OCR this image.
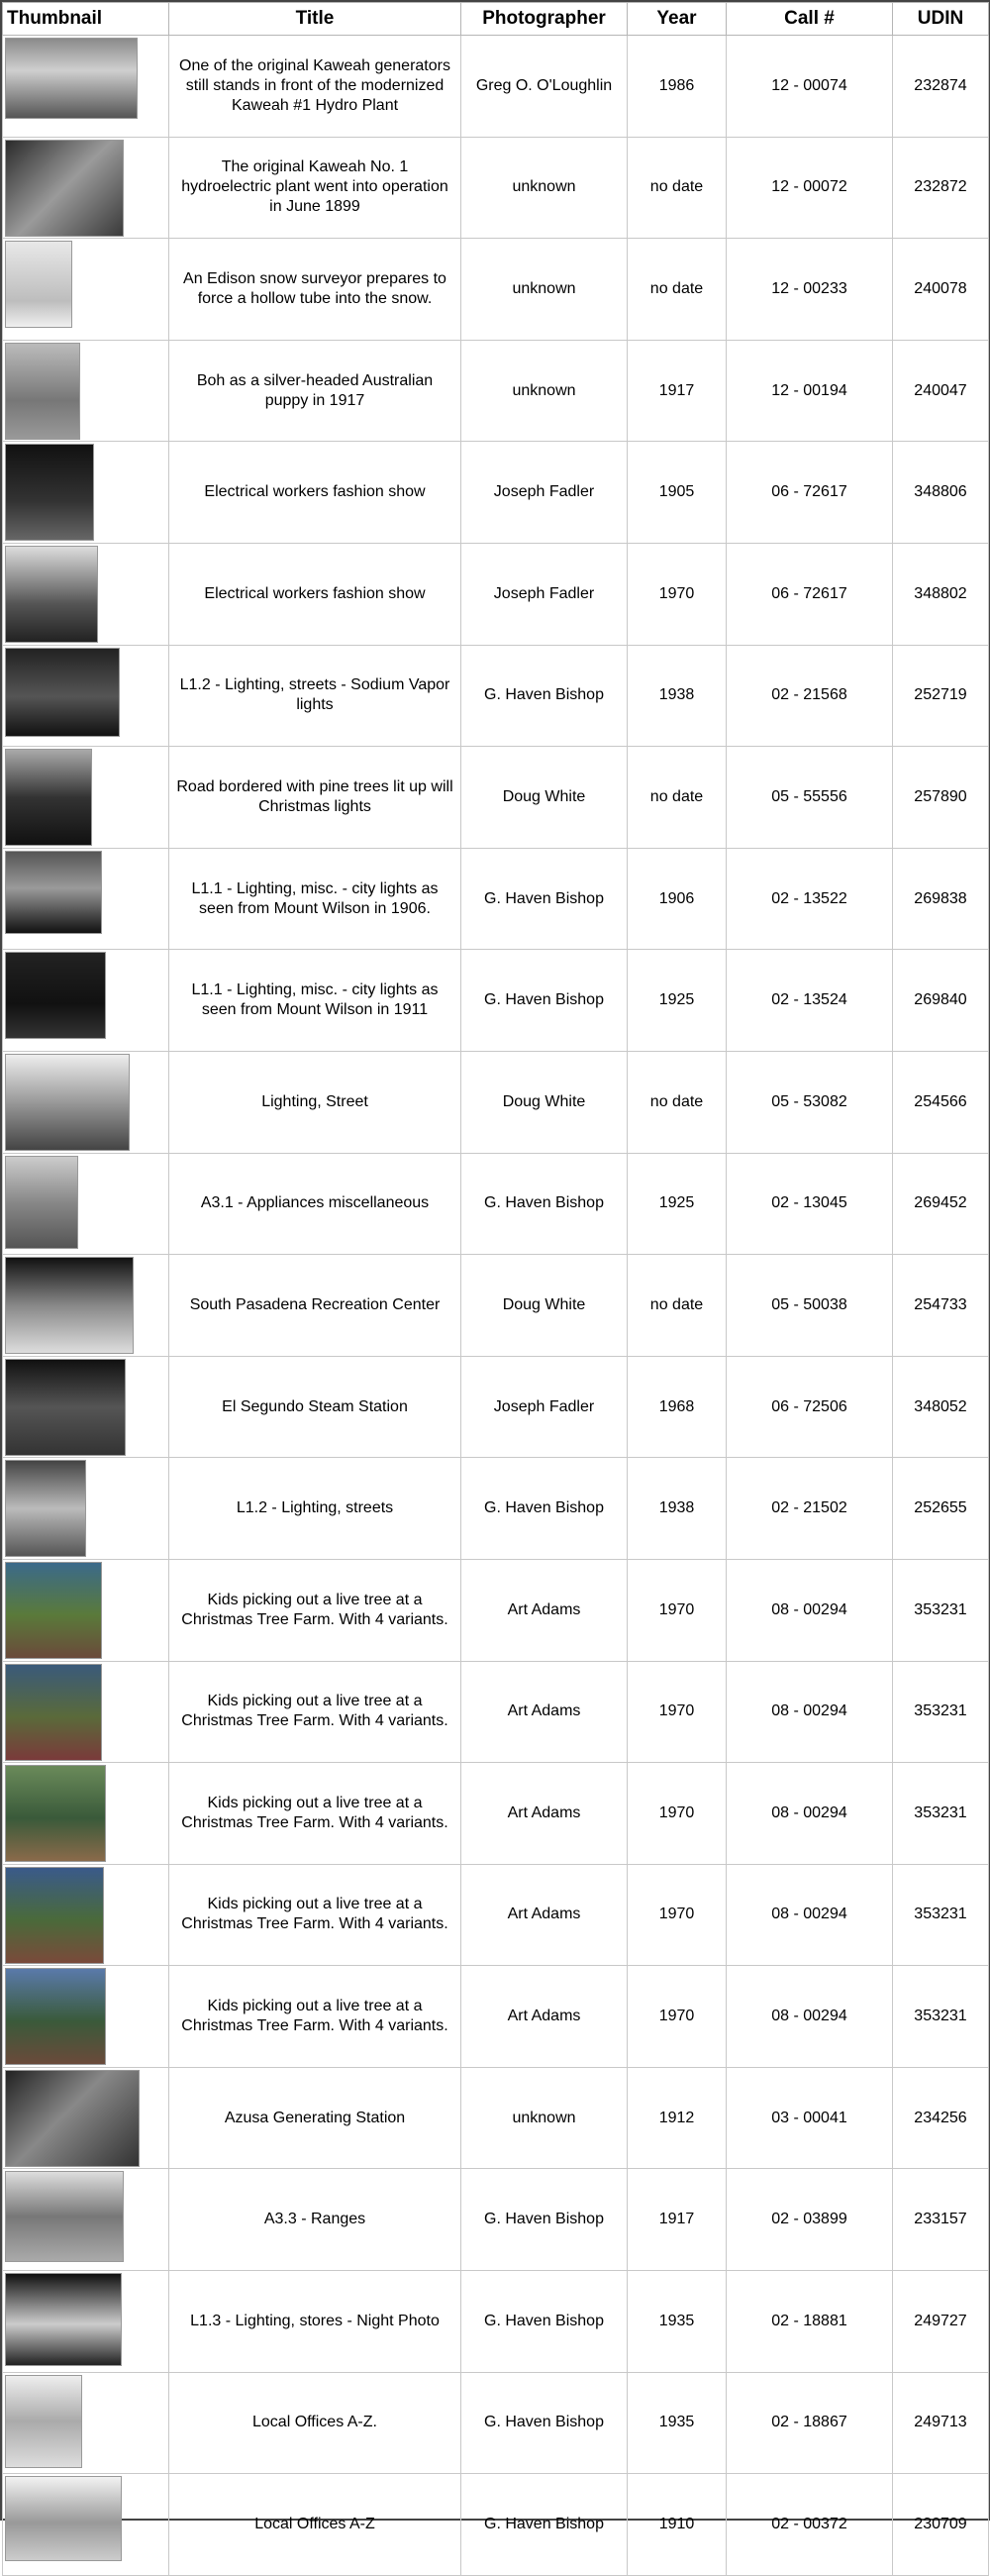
Thumbnail	Title	Photographer	Year	Call #	UDIN

	One of the original Kaweah generators still stands in front of the modernized Kaweah #1 Hydro Plant	Greg O. O'Loughlin	1986	12 - 00074	232874

	The original Kaweah No. 1 hydroelectric plant went into operation in June 1899	unknown	no date	12 - 00072	232872

	An Edison snow surveyor prepares to force a hollow tube into the snow.	unknown	no date	12 - 00233	240078

	Boh as a silver-headed Australian puppy in 1917	unknown	1917	12 - 00194	240047

	Electrical workers fashion show	Joseph Fadler	1905	06 - 72617	348806

	Electrical workers fashion show	Joseph Fadler	1970	06 - 72617	348802

	L1.2 - Lighting, streets - Sodium Vapor lights	G. Haven Bishop	1938	02 - 21568	252719

	Road bordered with pine trees lit up will Christmas lights	Doug White	no date	05 - 55556	257890

	L1.1 - Lighting, misc. - city lights as seen from Mount Wilson in 1906.	G. Haven Bishop	1906	02 - 13522	269838

	L1.1 - Lighting, misc. - city lights as seen from Mount Wilson in 1911	G. Haven Bishop	1925	02 - 13524	269840

	Lighting, Street	Doug White	no date	05 - 53082	254566

	A3.1 - Appliances miscellaneous	G. Haven Bishop	1925	02 - 13045	269452

	South Pasadena Recreation Center	Doug White	no date	05 - 50038	254733

	El Segundo Steam Station	Joseph Fadler	1968	06 - 72506	348052

	L1.2 - Lighting, streets	G. Haven Bishop	1938	02 - 21502	252655

	Kids picking out a live tree at a Christmas Tree Farm. With 4 variants.	Art Adams	1970	08 - 00294	353231

	Kids picking out a live tree at a Christmas Tree Farm. With 4 variants.	Art Adams	1970	08 - 00294	353231

	Kids picking out a live tree at a Christmas Tree Farm. With 4 variants.	Art Adams	1970	08 - 00294	353231

	Kids picking out a live tree at a Christmas Tree Farm. With 4 variants.	Art Adams	1970	08 - 00294	353231

	Kids picking out a live tree at a Christmas Tree Farm. With 4 variants.	Art Adams	1970	08 - 00294	353231

	Azusa Generating Station	unknown	1912	03 - 00041	234256

	A3.3 - Ranges	G. Haven Bishop	1917	02 - 03899	233157

	L1.3 - Lighting, stores - Night Photo	G. Haven Bishop	1935	02 - 18881	249727

	Local Offices A-Z.	G. Haven Bishop	1935	02 - 18867	249713

	Local Offices A-Z	G. Haven Bishop	1910	02 - 00372	230709
